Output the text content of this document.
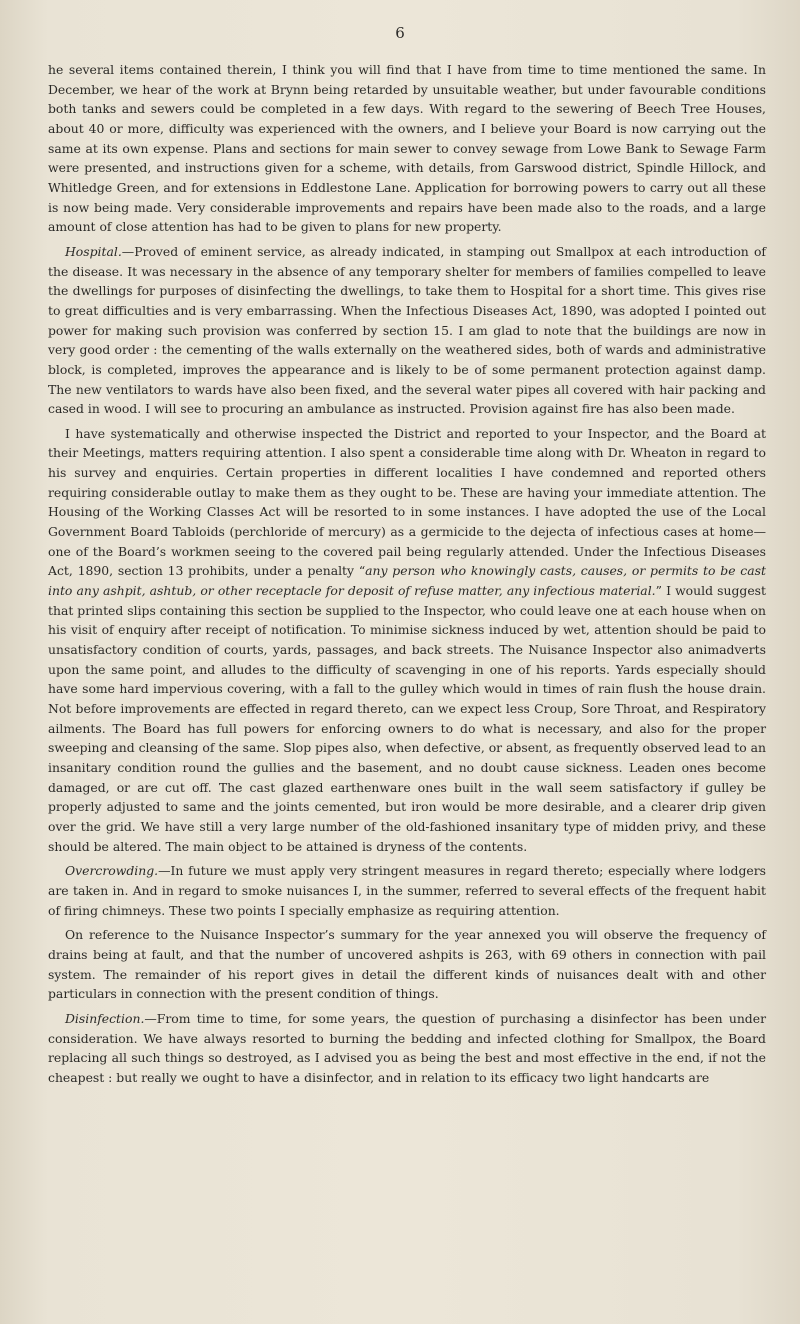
6

he several items contained therein, I think you will find that I have from time to time mentioned the same. In December, we hear of the work at Brynn being retarded by unsuitable weather, but under favourable conditions both tanks and sewers could be completed in a few days. With regard to the sewering of Beech Tree Houses, about 40 or more, difficulty was experienced with the owners, and I believe your Board is now carrying out the same at its own expense. Plans and sections for main sewer to convey sewage from Lowe Bank to Sewage Farm were presented, and instructions given for a scheme, with details, from Garswood district, Spindle Hillock, and Whitledge Green, and for extensions in Eddlestone Lane. Application for borrowing powers to carry out all these is now being made. Very considerable improvements and repairs have been made also to the roads, and a large amount of close attention has had to be given to plans for new property.

Hospital.—Proved of eminent service, as already indicated, in stamping out Smallpox at each introduction of the disease. It was necessary in the absence of any temporary shelter for members of families compelled to leave the dwellings for purposes of disinfecting the dwellings, to take them to Hospital for a short time. This gives rise to great difficulties and is very embarrassing. When the Infectious Diseases Act, 1890, was adopted I pointed out power for making such provision was conferred by section 15. I am glad to note that the buildings are now in very good order : the cementing of the walls externally on the weathered sides, both of wards and administrative block, is completed, improves the appearance and is likely to be of some permanent protection against damp. The new ventilators to wards have also been fixed, and the several water pipes all covered with hair packing and cased in wood. I will see to procuring an ambulance as instructed. Provision against fire has also been made.

I have systematically and otherwise inspected the District and reported to your Inspector, and the Board at their Meetings, matters requiring attention. I also spent a considerable time along with Dr. Wheaton in regard to his survey and enquiries. Certain properties in different localities I have condemned and reported others requiring considerable outlay to make them as they ought to be. These are having your immediate attention. The Housing of the Working Classes Act will be resorted to in some instances. I have adopted the use of the Local Government Board Tabloids (perchloride of mercury) as a germicide to the dejecta of infectious cases at home—one of the Board’s workmen seeing to the covered pail being regularly attended. Under the Infectious Diseases Act, 1890, section 13 prohibits, under a penalty “any person who knowingly casts, causes, or permits to be cast into any ashpit, ashtub, or other receptacle for deposit of refuse matter, any infectious material.” I would suggest that printed slips containing this section be supplied to the Inspector, who could leave one at each house when on his visit of enquiry after receipt of notification. To minimise sickness induced by wet, attention should be paid to unsatisfactory condition of courts, yards, passages, and back streets. The Nuisance Inspector also animadverts upon the same point, and alludes to the difficulty of scavenging in one of his reports. Yards especially should have some hard impervious covering, with a fall to the gulley which would in times of rain flush the house drain. Not before improvements are effected in regard thereto, can we expect less Croup, Sore Throat, and Respiratory ailments. The Board has full powers for enforcing owners to do what is necessary, and also for the proper sweeping and cleansing of the same. Slop pipes also, when defective, or absent, as frequently observed lead to an insanitary condition round the gullies and the basement, and no doubt cause sickness. Leaden ones become damaged, or are cut off. The cast glazed earthenware ones built in the wall seem satisfactory if gulley be properly adjusted to same and the joints cemented, but iron would be more desirable, and a clearer drip given over the grid. We have still a very large number of the old-fashioned insanitary type of midden privy, and these should be altered. The main object to be attained is dryness of the contents.

Overcrowding.—In future we must apply very stringent measures in regard thereto; especially where lodgers are taken in. And in regard to smoke nuisances I, in the summer, referred to several effects of the frequent habit of firing chimneys. These two points I specially emphasize as requiring attention.

On reference to the Nuisance Inspector’s summary for the year annexed you will observe the frequency of drains being at fault, and that the number of uncovered ashpits is 263, with 69 others in connection with pail system. The remainder of his report gives in detail the different kinds of nuisances dealt with and other particulars in connection with the present condition of things.

Disinfection.—From time to time, for some years, the question of purchasing a disinfector has been under consideration. We have always resorted to burning the bedding and infected clothing for Smallpox, the Board replacing all such things so destroyed, as I advised you as being the best and most effective in the end, if not the cheapest : but really we ought to have a disinfector, and in relation to its efficacy two light handcarts are
